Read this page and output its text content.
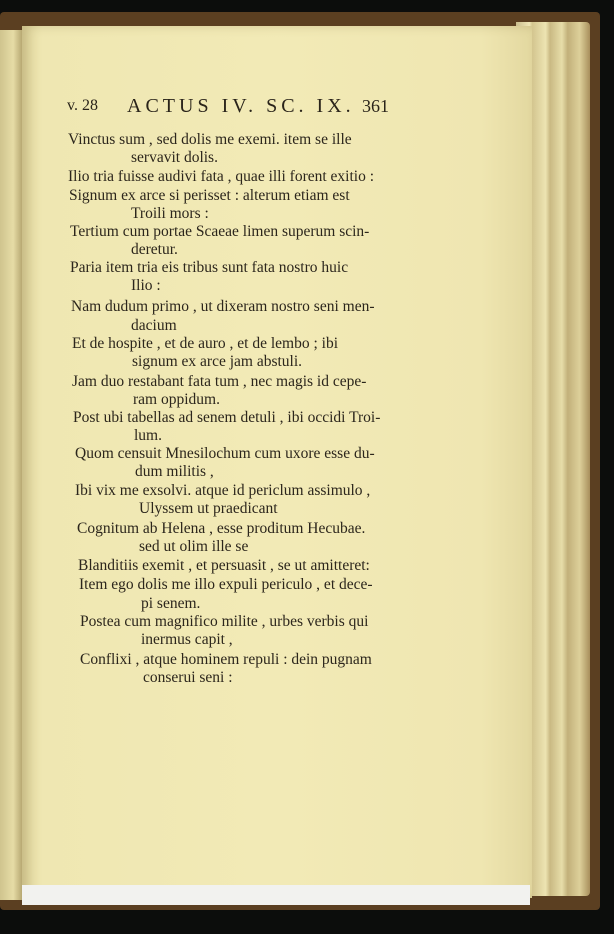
v. 28 ACTUS IV. SC. IX. 361
Vinctus sum , sed dolis me exemi. item se ille
servavit dolis.
Ilio tria fuisse audivi fata , quae illi forent exitio :
Signum ex arce si perisset : alterum etiam est
Troili mors :
Tertium cum portae Scaeae limen superum scin-
deretur.
Paria item tria eis tribus sunt fata nostro huic
Ilio :
Nam dudum primo , ut dixeram nostro seni men-
dacium
Et de hospite , et de auro , et de lembo ; ibi
signum ex arce jam abstuli.
Jam duo restabant fata tum , nec magis id cepe-
ram oppidum.
Post ubi tabellas ad senem detuli , ibi occidi Troi-
lum.
Quom censuit Mnesilochum cum uxore esse du-
dum militis ,
Ibi vix me exsolvi. atque id periclum assimulo ,
Ulyssem ut praedicant
Cognitum ab Helena , esse proditum Hecubae.
sed ut olim ille se
Blanditiis exemit , et persuasit , se ut amitteret:
Item ego dolis me illo expuli periculo , et dece-
pi senem.
Postea cum magnifico milite , urbes verbis qui
inermus capit ,
Conflixi , atque hominem repuli : dein pugnam
conserui seni :
